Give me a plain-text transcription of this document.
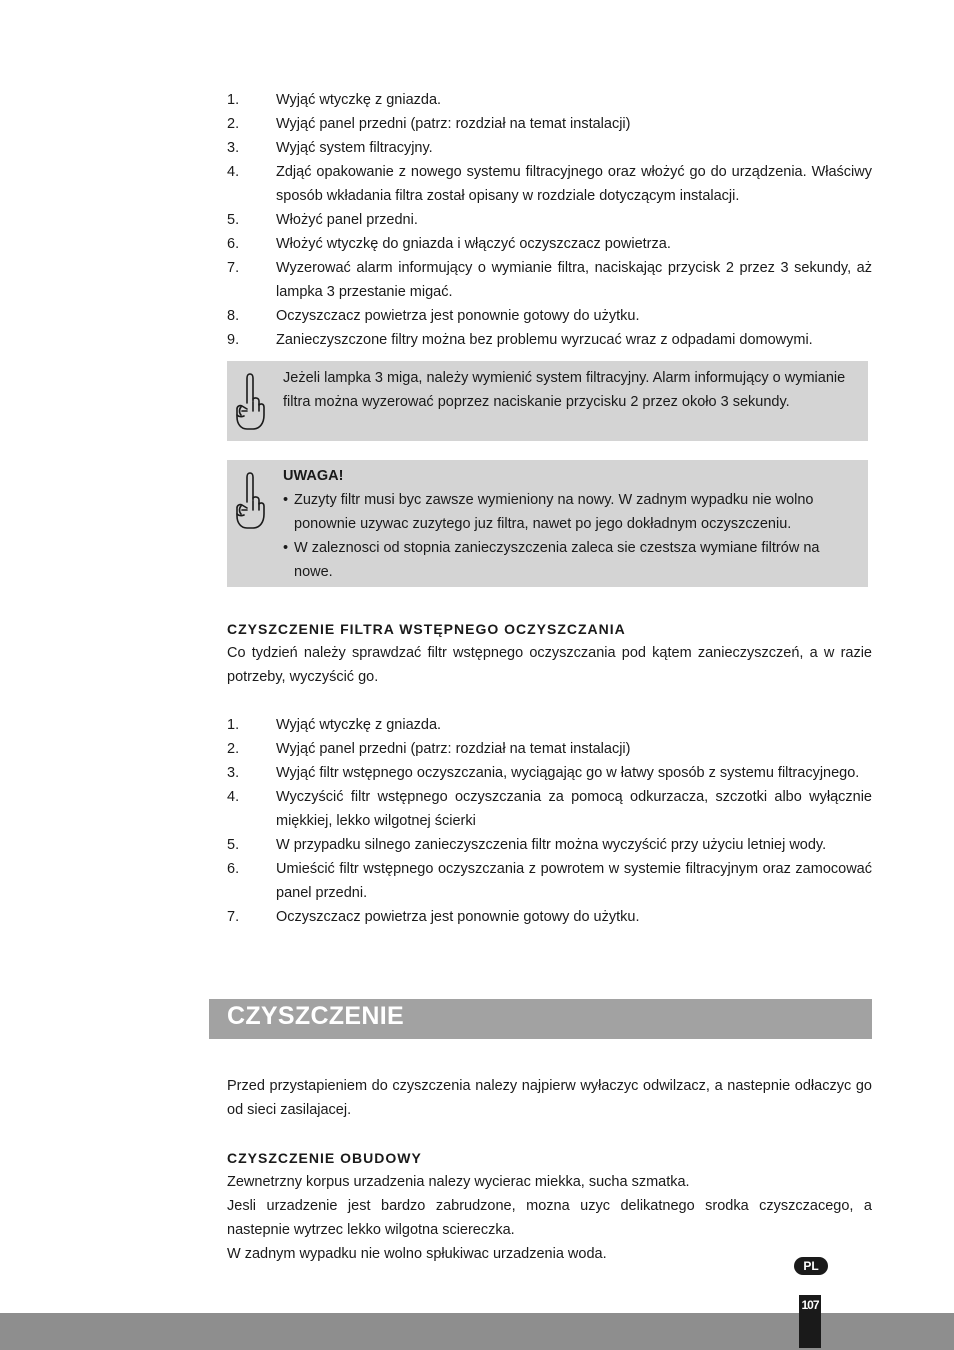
1.	Wyjąć wtyczkę z gniazda.
2.	Wyjąć panel przedni (patrz: rozdział na temat instalacji)
3.	Wyjąć system filtracyjny.
4.	Zdjąć opakowanie z nowego systemu filtracyjnego oraz włożyć go do urządzenia. Właściwy sposób wkładania filtra został opisany w rozdziale dotyczącym instalacji.
5.	Włożyć panel przedni.
6.	Włożyć wtyczkę do gniazda i włączyć oczyszczacz powietrza.
7.	Wyzerować alarm informujący o wymianie filtra, naciskając przycisk 2 przez 3 sekundy, aż lampka 3 przestanie migać.
8.	Oczyszczacz powietrza jest ponownie gotowy do użytku.
9.	Zanieczyszczone filtry można bez problemu wyrzucać wraz z odpadami domowymi.
Jeżeli lampka 3 miga, należy wymienić system filtracyjny. Alarm informujący o wymianie filtra można wyzerować poprzez naciskanie przycisku 2 przez około 3 sekundy.
UWAGA!
• Zuzyty filtr musi byc zawsze wymieniony na nowy. W zadnym wypadku nie wolno ponownie uzywac zuzytego juz filtra, nawet po jego dokładnym oczyszczeniu.
• W zaleznosci od stopnia zanieczyszczenia zaleca sie czestsza wymiane filtrów na nowe.
CZYSZCZENIE FILTRA WSTĘPNEGO OCZYSZCZANIA

Co tydzień należy sprawdzać filtr wstępnego oczyszczania pod kątem zanieczyszczeń, a w razie potrzeby, wyczyścić go.

1.	Wyjąć wtyczkę z gniazda.
2.	Wyjąć panel przedni (patrz: rozdział na temat instalacji)
3.	Wyjąć filtr wstępnego oczyszczania, wyciągając go w łatwy sposób z systemu filtracyjnego.
4.	Wyczyścić filtr wstępnego oczyszczania za pomocą odkurzacza, szczotki albo wyłącznie miękkiej, lekko wilgotnej ścierki
5.	W przypadku silnego zanieczyszczenia filtr można wyczyścić przy użyciu letniej wody.
6.	Umieścić filtr wstępnego oczyszczania z powrotem w systemie filtracyjnym oraz zamocować panel przedni.
7.	Oczyszczacz powietrza jest ponownie gotowy do użytku.
CZYSZCZENIE

Przed przystapieniem do czyszczenia nalezy najpierw wyłaczyc odwilzacz, a nastepnie odłaczyc go od sieci zasilajacej.

CZYSZCZENIE OBUDOWY

Zewnetrzny korpus urzadzenia nalezy wycierac miekka, sucha szmatka.

Jesli urzadzenie jest bardzo zabrudzone, mozna uzyc delikatnego srodka czyszczacego, a nastepnie wytrzec lekko wilgotna sciereczka.

W zadnym wypadku nie wolno spłukiwac urzadzenia woda.

PL
107
